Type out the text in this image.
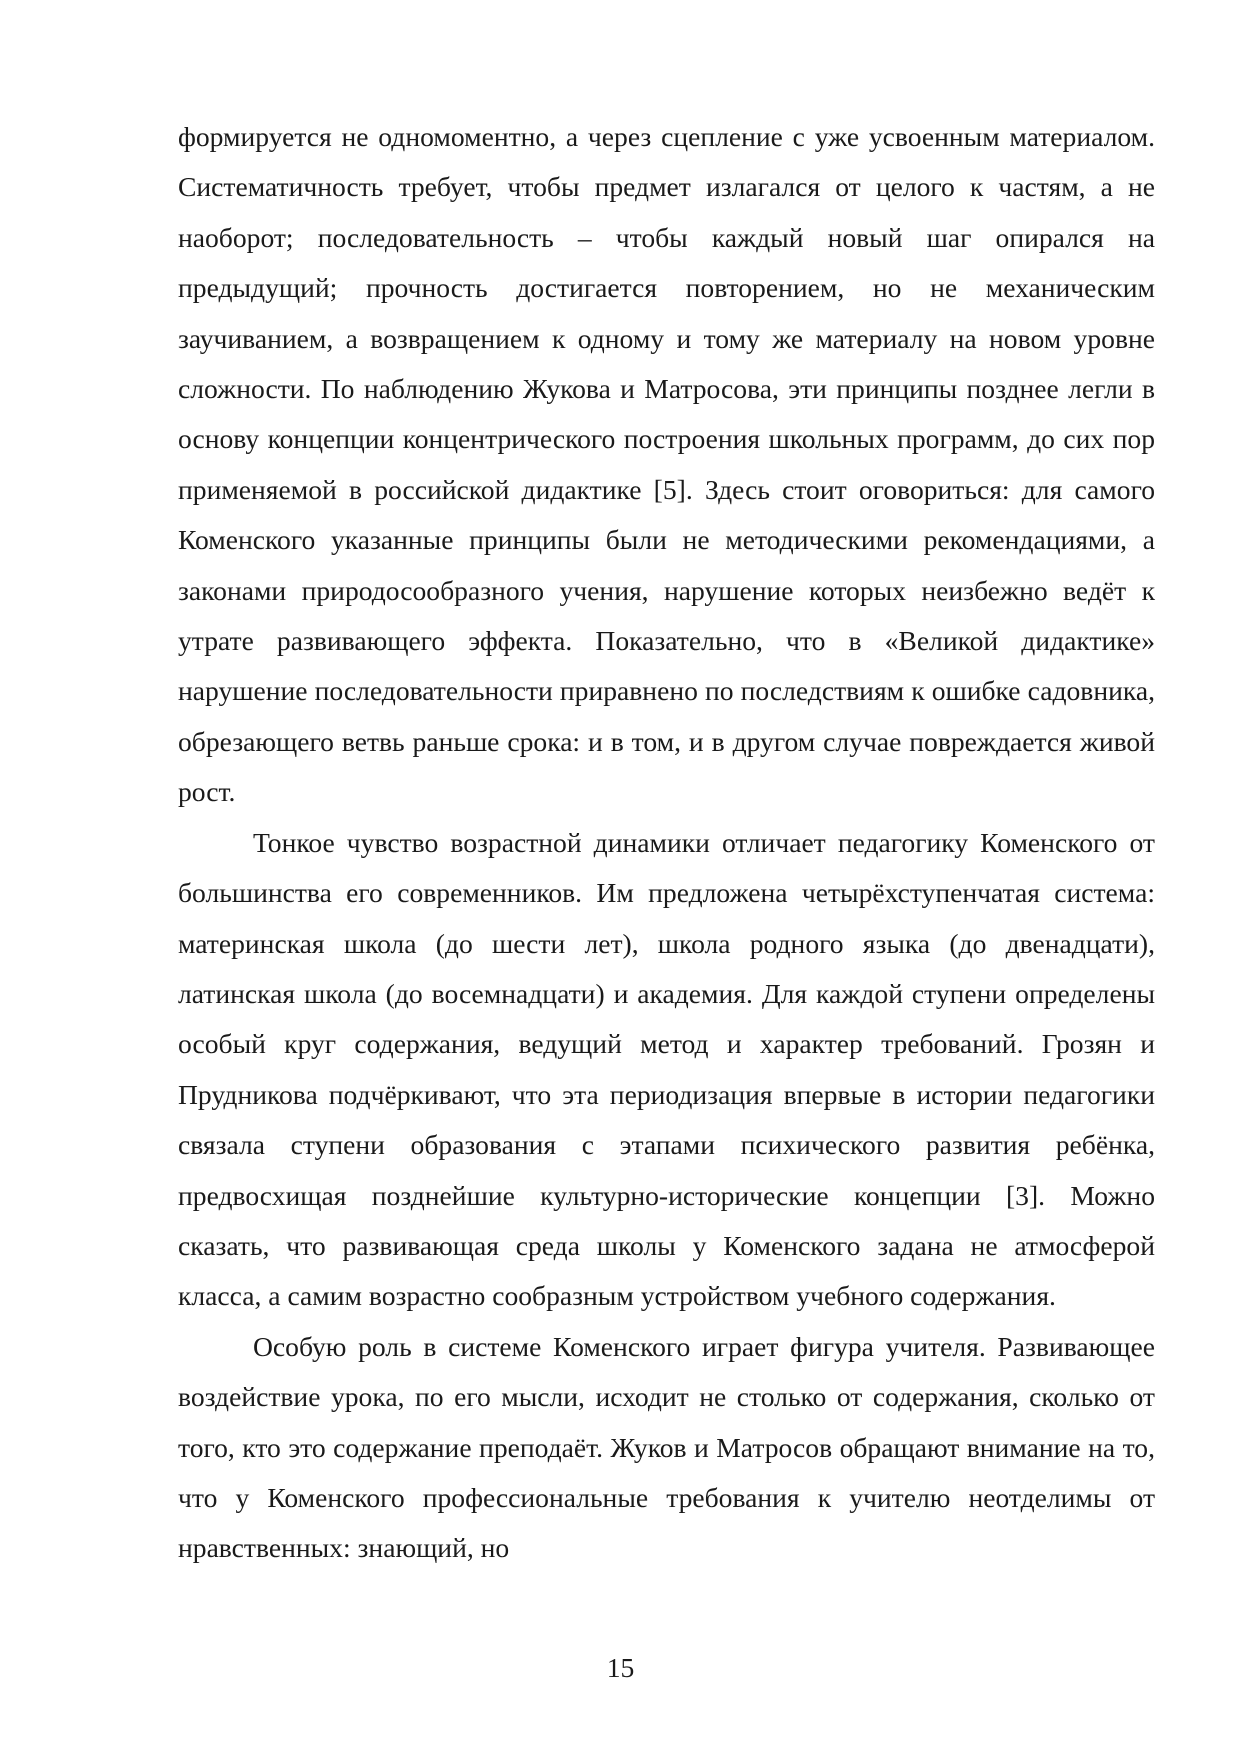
формируется не одномоментно, а через сцепление с уже усвоенным материалом. Систематичность требует, чтобы предмет излагался от целого к частям, а не наоборот; последовательность – чтобы каждый новый шаг опирался на предыдущий; прочность достигается повторением, но не механическим заучиванием, а возвращением к одному и тому же материалу на новом уровне сложности. По наблюдению Жукова и Матросова, эти принципы позднее легли в основу концепции концентрического построения школьных программ, до сих пор применяемой в российской дидактике [5]. Здесь стоит оговориться: для самого Коменского указанные принципы были не методическими рекомендациями, а законами природосообразного учения, нарушение которых неизбежно ведёт к утрате развивающего эффекта. Показательно, что в «Великой дидактике» нарушение последовательности приравнено по последствиям к ошибке садовника, обрезающего ветвь раньше срока: и в том, и в другом случае повреждается живой рост.

Тонкое чувство возрастной динамики отличает педагогику Коменского от большинства его современников. Им предложена четырёхступенчатая система: материнская школа (до шести лет), школа родного языка (до двенадцати), латинская школа (до восемнадцати) и академия. Для каждой ступени определены особый круг содержания, ведущий метод и характер требований. Грозян и Прудникова подчёркивают, что эта периодизация впервые в истории педагогики связала ступени образования с этапами психического развития ребёнка, предвосхищая позднейшие культурно-исторические концепции [3]. Можно сказать, что развивающая среда школы у Коменского задана не атмосферой класса, а самим возрастно сообразным устройством учебного содержания.

Особую роль в системе Коменского играет фигура учителя. Развивающее воздействие урока, по его мысли, исходит не столько от содержания, сколько от того, кто это содержание преподаёт. Жуков и Матросов обращают внимание на то, что у Коменского профессиональные требования к учителю неотделимы от нравственных: знающий, но

15
